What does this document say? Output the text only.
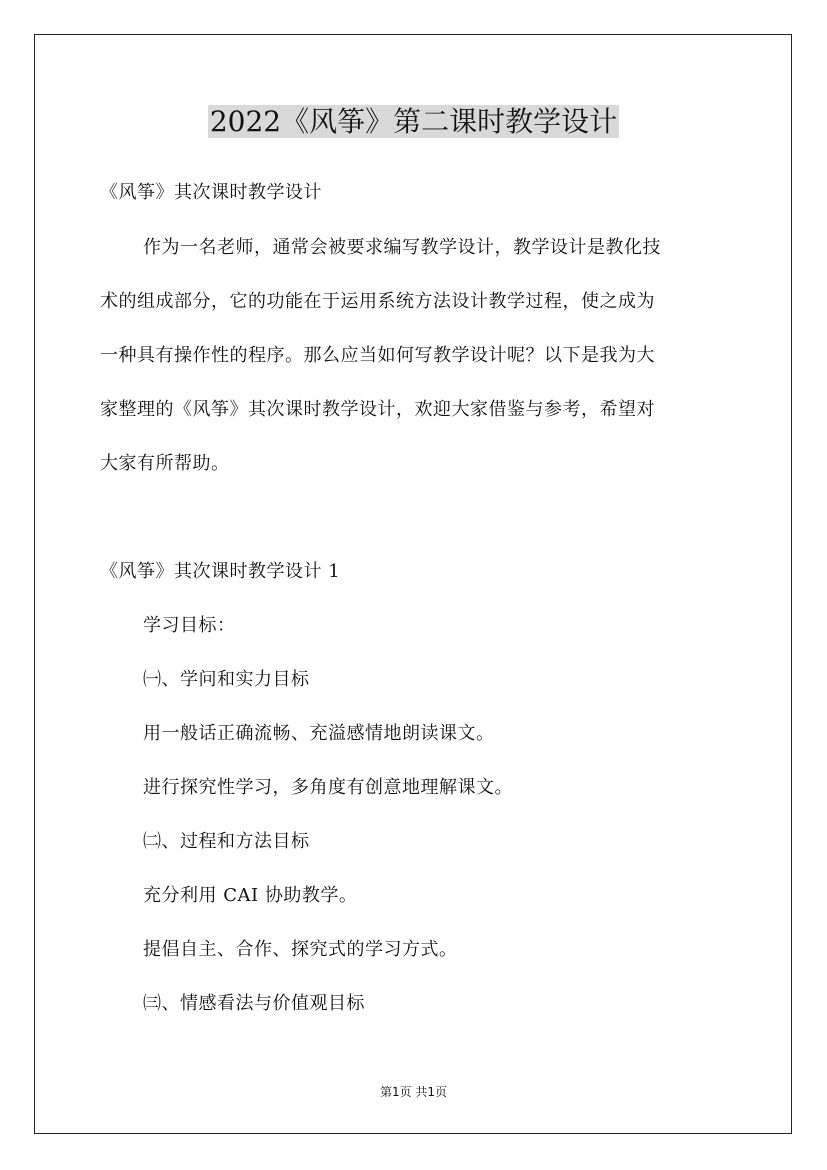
2022《风筝》第二课时教学设计
《风筝》其次课时教学设计
作为一名老师，通常会被要求编写教学设计，教学设计是教化技
术的组成部分，它的功能在于运用系统方法设计教学过程，使之成为
一种具有操作性的程序。那么应当如何写教学设计呢？以下是我为大
家整理的《风筝》其次课时教学设计，欢迎大家借鉴与参考，希望对
大家有所帮助。
《风筝》其次课时教学设计 1
学习目标：
㈠、学问和实力目标
用一般话正确流畅、充溢感情地朗读课文。
进行探究性学习，多角度有创意地理解课文。
㈡、过程和方法目标
充分利用 CAI 协助教学。
提倡自主、合作、探究式的学习方式。
㈢、情感看法与价值观目标
第1页 共1页
